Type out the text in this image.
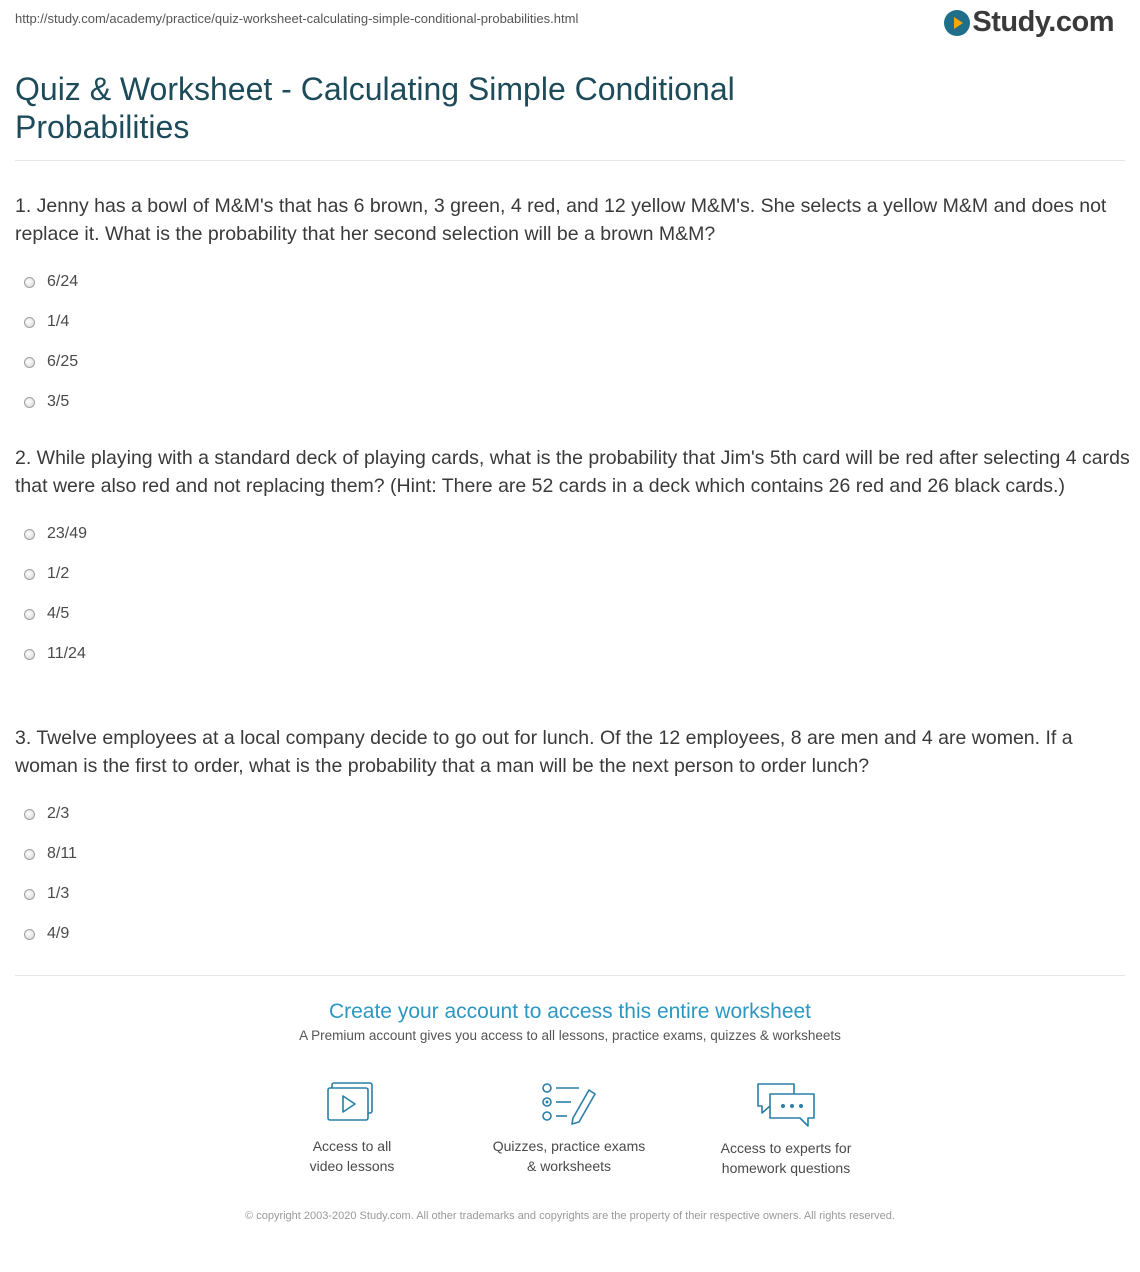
http://study.com/academy/practice/quiz-worksheet-calculating-simple-conditional-probabilities.html	Study.com
Quiz & Worksheet - Calculating Simple Conditional Probabilities

1. Jenny has a bowl of M&M's that has 6 brown, 3 green, 4 red, and 12 yellow M&M's. She selects a yellow M&M and does not replace it. What is the probability that her second selection will be a brown M&M?

6/24
1/4
6/25
3/5

2. While playing with a standard deck of playing cards, what is the probability that Jim's 5th card will be red after selecting 4 cards that were also red and not replacing them? (Hint: There are 52 cards in a deck which contains 26 red and 26 black cards.)

23/49
1/2
4/5
11/24

3. Twelve employees at a local company decide to go out for lunch. Of the 12 employees, 8 are men and 4 are women. If a woman is the first to order, what is the probability that a man will be the next person to order lunch?

2/3
8/11
1/3
4/9

Create your account to access this entire worksheet

A Premium account gives you access to all lessons, practice exams, quizzes & worksheets

Access to all
video lessons
Quizzes, practice exams
& worksheets
Access to experts for
homework questions
© copyright 2003-2020 Study.com. All other trademarks and copyrights are the property of their respective owners. All rights reserved.
